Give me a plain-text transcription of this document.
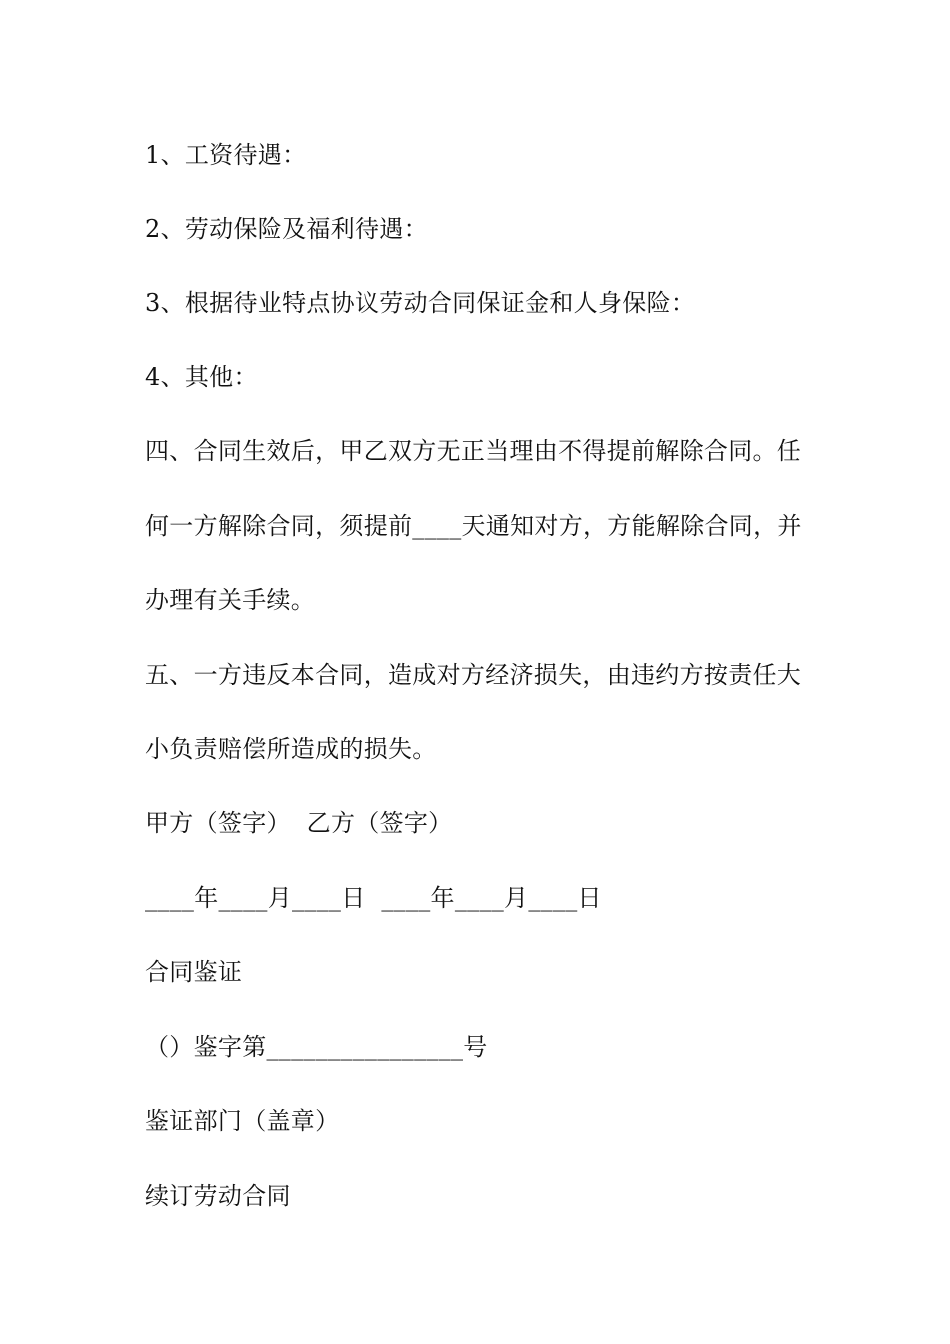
1、工资待遇：
2、劳动保险及福利待遇：
3、根据待业特点协议劳动合同保证金和人身保险：
4、其他：
四、合同生效后，甲乙双方无正当理由不得提前解除合同。任
何一方解除合同，须提前____天通知对方，方能解除合同，并
办理有关手续。
五、一方违反本合同，造成对方经济损失，由违约方按责任大
小负责赔偿所造成的损失。
甲方（签字）  乙方（签字）
____年____月____日  ____年____月____日
合同鉴证
（）鉴字第________________号
鉴证部门（盖章）
续订劳动合同
